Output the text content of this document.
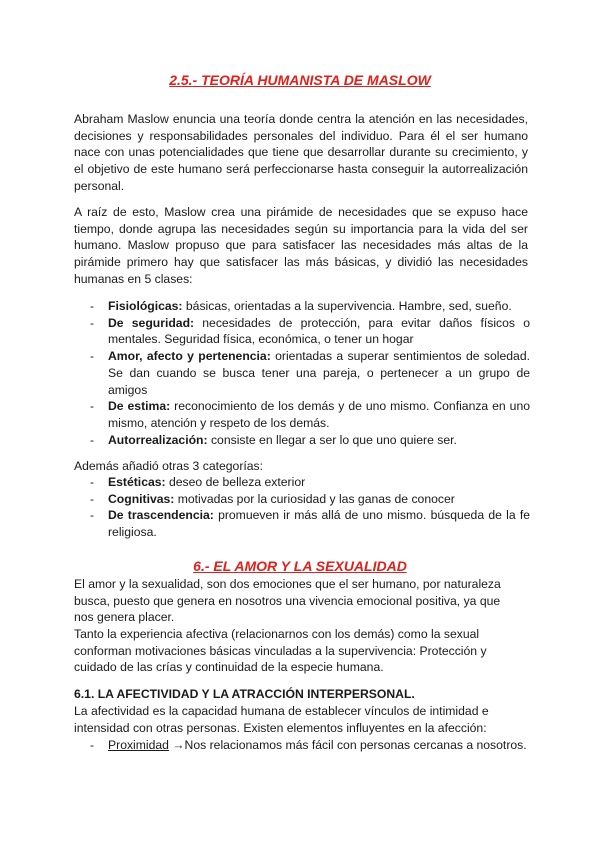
2.5.- TEORÍA HUMANISTA DE MASLOW

Abraham Maslow enuncia una teoría donde centra la atención en las necesidades, decisiones y responsabilidades personales del individuo. Para él el ser humano nace con unas potencialidades que tiene que desarrollar durante su crecimiento, y el objetivo de este humano será perfeccionarse hasta conseguir la autorrealización personal.

A raíz de esto, Maslow crea una pirámide de necesidades que se expuso hace tiempo, donde agrupa las necesidades según su importancia para la vida del ser humano. Maslow propuso que para satisfacer las necesidades más altas de la pirámide primero hay que satisfacer las más básicas, y dividió las necesidades humanas en 5 clases:

- Fisiológicas: básicas, orientadas a la supervivencia. Hambre, sed, sueño.
- De seguridad: necesidades de protección, para evitar daños físicos o mentales. Seguridad física, económica, o tener un hogar
- Amor, afecto y pertenencia: orientadas a superar sentimientos de soledad. Se dan cuando se busca tener una pareja, o pertenecer a un grupo de amigos
- De estima: reconocimiento de los demás y de uno mismo. Confianza en uno mismo, atención y respeto de los demás.
- Autorrealización: consiste en llegar a ser lo que uno quiere ser.

Además añadió otras 3 categorías:

- Estéticas: deseo de belleza exterior
- Cognitivas: motivadas por la curiosidad y las ganas de conocer
- De trascendencia: promueven ir más allá de uno mismo. búsqueda de la fe religiosa.
6.- EL AMOR Y LA SEXUALIDAD

El amor y la sexualidad, son dos emociones que el ser humano, por naturaleza busca, puesto que genera en nosotros una vivencia emocional positiva, ya que nos genera placer.

Tanto la experiencia afectiva (relacionarnos con los demás) como la sexual conforman motivaciones básicas vinculadas a la supervivencia: Protección y cuidado de las crías y continuidad de la especie humana.

6.1. LA AFECTIVIDAD Y LA ATRACCIÓN INTERPERSONAL.

La afectividad es la capacidad humana de establecer vínculos de intimidad e intensidad con otras personas. Existen elementos influyentes en la afección:

- Proximidad →Nos relacionamos más fácil con personas cercanas a nosotros.
